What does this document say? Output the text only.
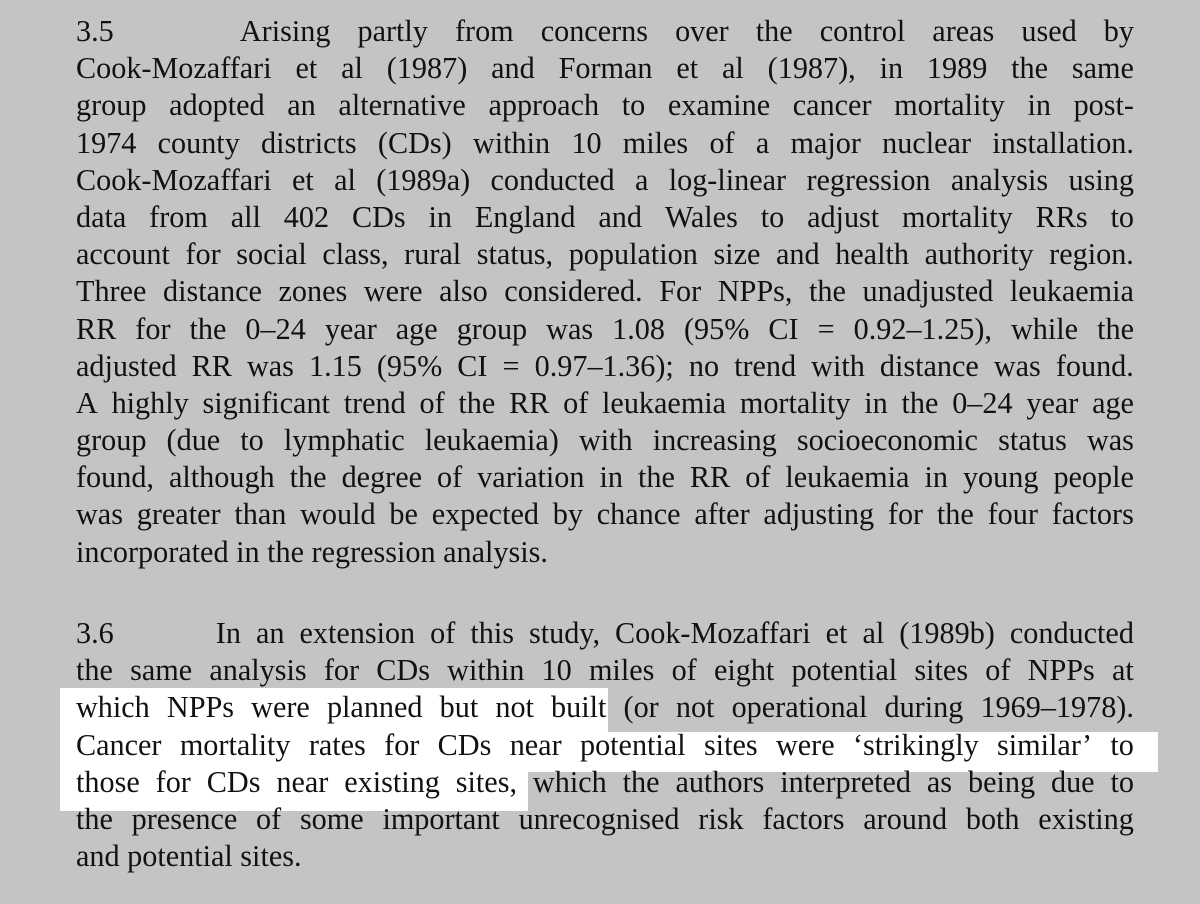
3.5	Arising partly from concerns over the control areas used by
Cook-Mozaffari et al (1987) and Forman et al (1987), in 1989 the same
group adopted an alternative approach to examine cancer mortality in post-
1974 county districts (CDs) within 10 miles of a major nuclear installation.
Cook-Mozaffari et al (1989a) conducted a log-linear regression analysis using
data from all 402 CDs in England and Wales to adjust mortality RRs to
account for social class, rural status, population size and health authority region.
Three distance zones were also considered. For NPPs, the unadjusted leukaemia
RR for the 0–24 year age group was 1.08 (95% CI = 0.92–1.25), while the
adjusted RR was 1.15 (95% CI = 0.97–1.36); no trend with distance was found.
A highly significant trend of the RR of leukaemia mortality in the 0–24 year age
group (due to lymphatic leukaemia) with increasing socioeconomic status was
found, although the degree of variation in the RR of leukaemia in young people
was greater than would be expected by chance after adjusting for the four factors
incorporated in the regression analysis.
3.6	In an extension of this study, Cook-Mozaffari et al (1989b) conducted
the same analysis for CDs within 10 miles of eight potential sites of NPPs at
which NPPs were planned but not built (or not operational during 1969–1978).
Cancer mortality rates for CDs near potential sites were ‘strikingly similar’ to
those for CDs near existing sites, which the authors interpreted as being due to
the presence of some important unrecognised risk factors around both existing
and potential sites.
